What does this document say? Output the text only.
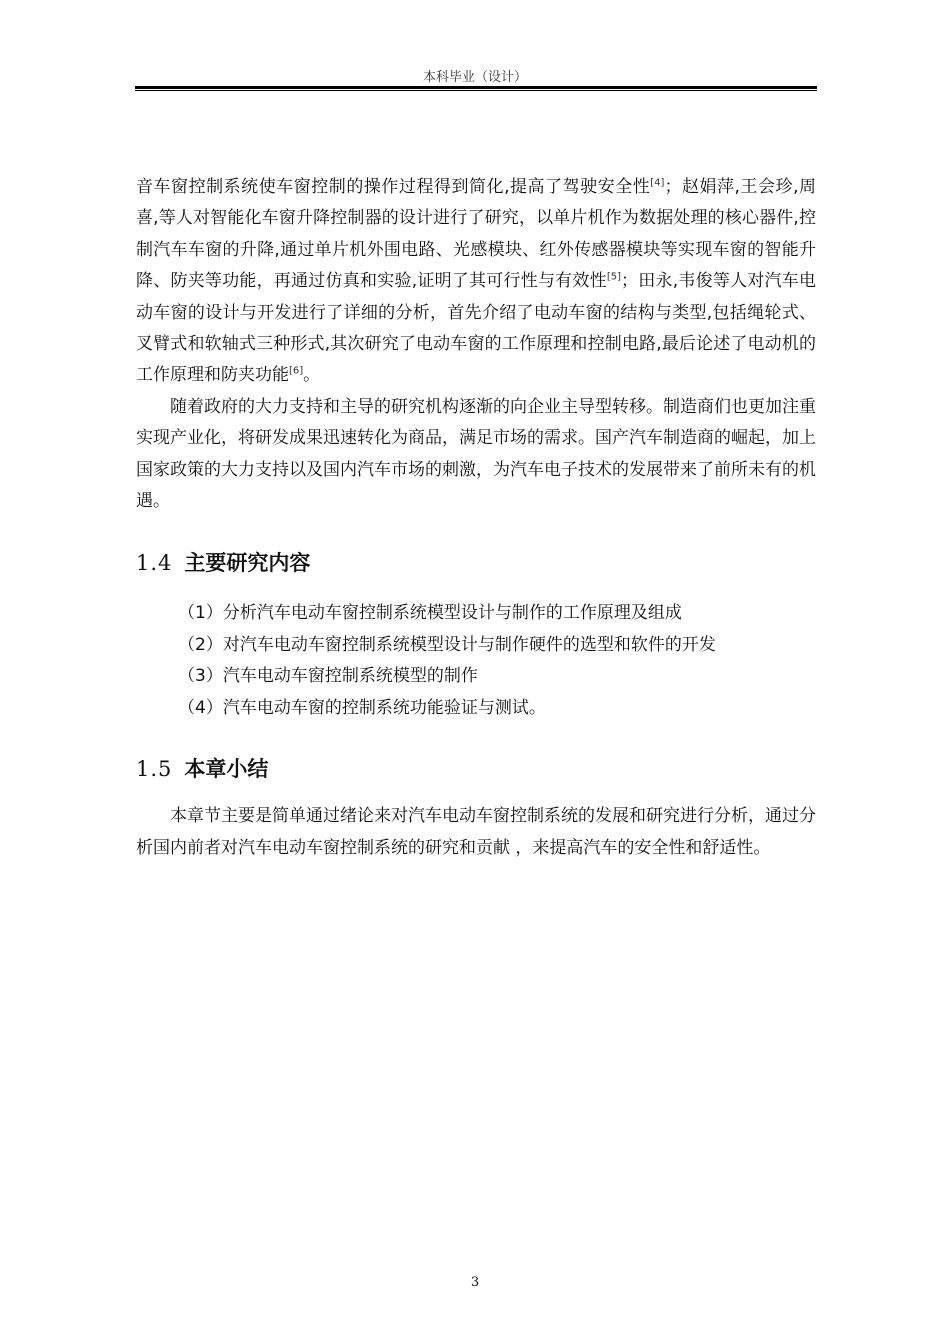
本科毕业（设计）

音车窗控制系统使车窗控制的操作过程得到简化,提高了驾驶安全性[4]；赵娟萍,王会珍,周喜,等人对智能化车窗升降控制器的设计进行了研究，以单片机作为数据处理的核心器件,控制汽车车窗的升降,通过单片机外围电路、光感模块、红外传感器模块等实现车窗的智能升降、防夹等功能，再通过仿真和实验,证明了其可行性与有效性[5]；田永,韦俊等人对汽车电动车窗的设计与开发进行了详细的分析，首先介绍了电动车窗的结构与类型,包括绳轮式、叉臂式和软轴式三种形式,其次研究了电动车窗的工作原理和控制电路,最后论述了电动机的工作原理和防夹功能[6]。

随着政府的大力支持和主导的研究机构逐渐的向企业主导型转移。制造商们也更加注重实现产业化，将研发成果迅速转化为商品，满足市场的需求。国产汽车制造商的崛起，加上国家政策的大力支持以及国内汽车市场的刺激，为汽车电子技术的发展带来了前所未有的机遇。

1.4 主要研究内容
（1）分析汽车电动车窗控制系统模型设计与制作的工作原理及组成
（2）对汽车电动车窗控制系统模型设计与制作硬件的选型和软件的开发
（3）汽车电动车窗控制系统模型的制作
（4）汽车电动车窗的控制系统功能验证与测试。
1.5 本章小结

本章节主要是简单通过绪论来对汽车电动车窗控制系统的发展和研究进行分析，通过分析国内前者对汽车电动车窗控制系统的研究和贡献 ，来提高汽车的安全性和舒适性。

3
